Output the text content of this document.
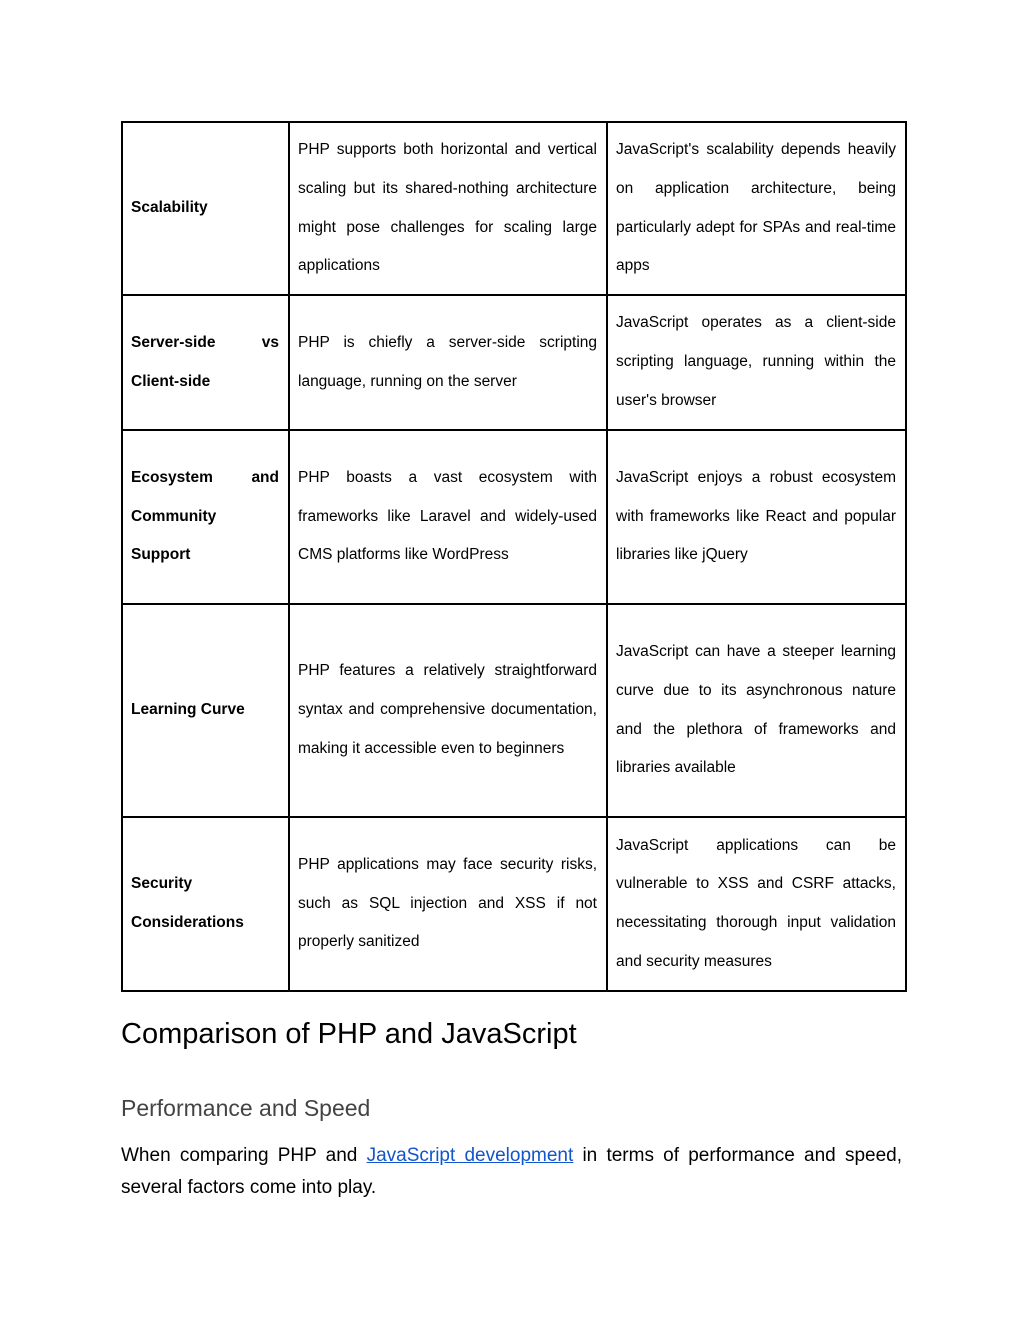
Scalability	PHP supports both horizontal and vertical scaling but its shared-nothing architecture might pose challenges for scaling large applications	JavaScript's scalability depends heavily on application architecture, being particularly adept for SPAs and real-time apps

Server-side vs Client-side	PHP is chiefly a server-side scripting language, running on the server	JavaScript operates as a client-side scripting language, running within the user's browser

Ecosystem and Community Support	PHP boasts a vast ecosystem with frameworks like Laravel and widely-used CMS platforms like WordPress	JavaScript enjoys a robust ecosystem with frameworks like React and popular libraries like jQuery

Learning Curve	PHP features a relatively straightforward syntax and comprehensive documentation, making it accessible even to beginners	JavaScript can have a steeper learning curve due to its asynchronous nature and the plethora of frameworks and libraries available

Security Considerations	PHP applications may face security risks, such as SQL injection and XSS if not properly sanitized	JavaScript applications can be vulnerable to XSS and CSRF attacks, necessitating thorough input validation and security measures
Comparison of PHP and JavaScript
Performance and Speed

When comparing PHP and JavaScript development in terms of performance and speed, several factors come into play.
